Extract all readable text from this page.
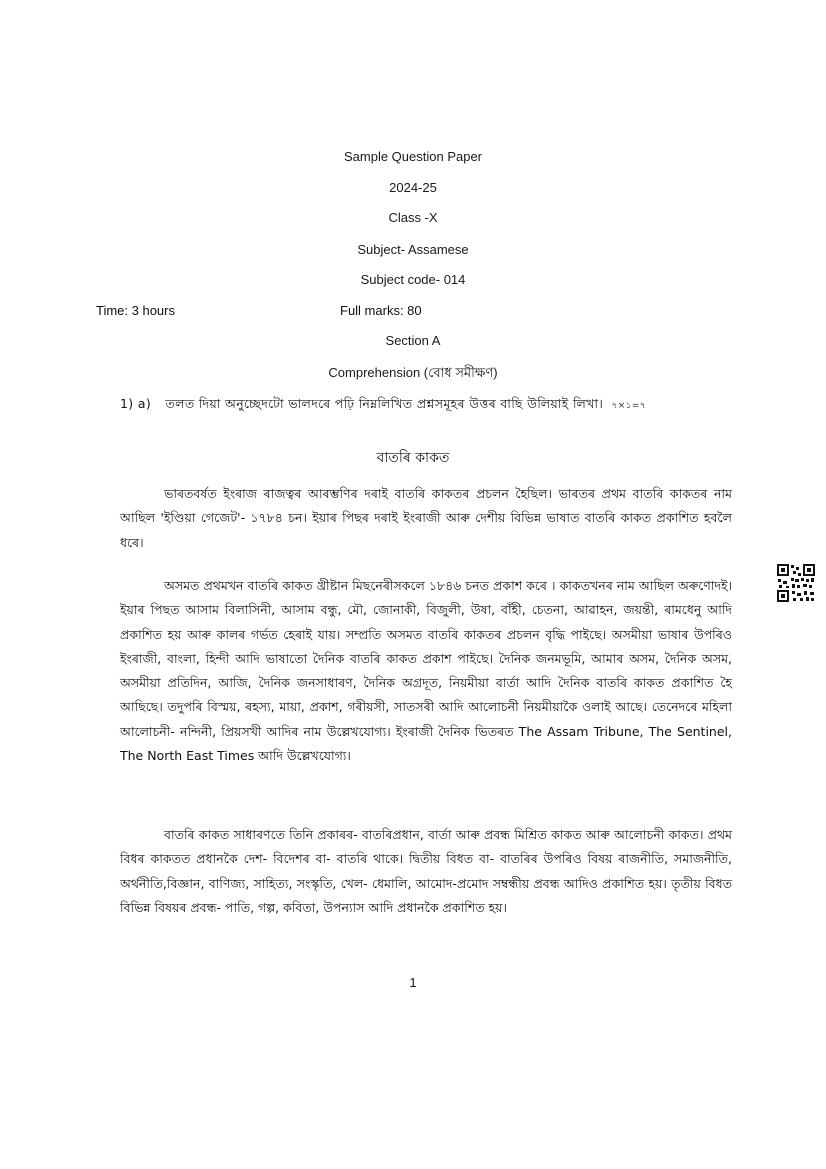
Sample Question Paper
2024-25
Class -X
Subject- Assamese
Subject code- 014
Time: 3 hours	Full marks: 80
Section A
Comprehension (বোধ সমীক্ষণ)
1) a) তলত দিয়া অনুচ্ছেদটো ভালদৰে পঢ়ি নিম্নলিখিত প্ৰশ্নসমূহৰ উত্তৰ বাছি উলিয়াই লিখা। ৭×১=৭
বাতৰি কাকত
ভাৰতবৰ্ষত ইংৰাজ ৰাজত্বৰ আৰম্ভণিৰ দৰাই বাতৰি কাকতৰ প্ৰচলন হৈছিল। ভাৰতৰ প্ৰথম বাতৰি কাকতৰ নাম আছিল 'ইণ্ডিয়া গেজেট'- ১৭৮৪ চন। ইয়াৰ পিছৰ দৰাই ইংৰাজী আৰু দেশীয় বিভিন্ন ভাষাত বাতৰি কাকত প্ৰকাশিত হবলৈ ধৰে।
অসমত প্ৰথমখন বাতৰি কাকত খ্ৰীষ্টান মিছনেৰীসকলে ১৮৪৬ চনত প্ৰকাশ কৰে । কাকতখনৰ নাম আছিল অৰুণোদই। ইয়াৰ পিছত আসাম বিলাসিনী, আসাম বন্ধু, মৌ, জোনাকী, বিজুলী, উষা, বাঁহী, চেতনা, আৱাহন, জয়ন্তী, ৰামধেনু আদি প্ৰকাশিত হয় আৰু কালৰ গৰ্ভত হেৰাই যায়। সম্প্ৰতি অসমত বাতৰি কাকতৰ প্ৰচলন বৃদ্ধি পাইছে। অসমীয়া ভাষাৰ উপৰিও ইংৰাজী, বাংলা, হিন্দী আদি ভাষাতো দৈনিক বাতৰি কাকত প্ৰকাশ পাইছে। দৈনিক জনমভূমি, আমাৰ অসম, দৈনিক অসম, অসমীয়া প্ৰতিদিন, আজি, দৈনিক জনসাধাৰণ, দৈনিক অগ্ৰদূত, নিয়মীয়া বাৰ্তা আদি দৈনিক বাতৰি কাকত প্ৰকাশিত হৈ আছিছে। তদুপৰি বিস্ময়, ৰহস্য, মায়া, প্ৰকাশ, গৰীয়সী, সাতসৰী আদি আলোচনী নিয়মীয়াকৈ ওলাই আছে। তেনেদৰে মহিলা আলোচনী- নন্দিনী, প্ৰিয়সখী আদিৰ নাম উল্লেখযোগ্য। ইংৰাজী দৈনিক ভিতৰত The Assam Tribune, The Sentinel, The North East Times আদি উল্লেখযোগ্য।
বাতৰি কাকত সাধাৰণতে তিনি প্ৰকাৰৰ- বাতৰিপ্ৰধান, বাৰ্তা আৰু প্ৰবন্ধ মিশ্ৰিত কাকত আৰু আলোচনী কাকত। প্ৰথম বিধৰ কাকতত প্ৰধানকৈ দেশ- বিদেশৰ বা- বাতৰি থাকে। দ্বিতীয় বিধত বা- বাতৰিৰ উপৰিও বিষয় ৰাজনীতি, সমাজনীতি, অৰ্থনীতি,বিজ্ঞান, বাণিজ্য, সাহিত্য, সংস্কৃতি, খেল- ধেমালি, আমোদ-প্ৰমোদ সম্বন্ধীয় প্ৰবন্ধ আদিও প্ৰকাশিত হয়। তৃতীয় বিধত বিভিন্ন বিষয়ৰ প্ৰবন্ধ- পাতি, গল্প, কবিতা, উপন্যাস আদি প্ৰধানকৈ প্ৰকাশিত হয়।
1
